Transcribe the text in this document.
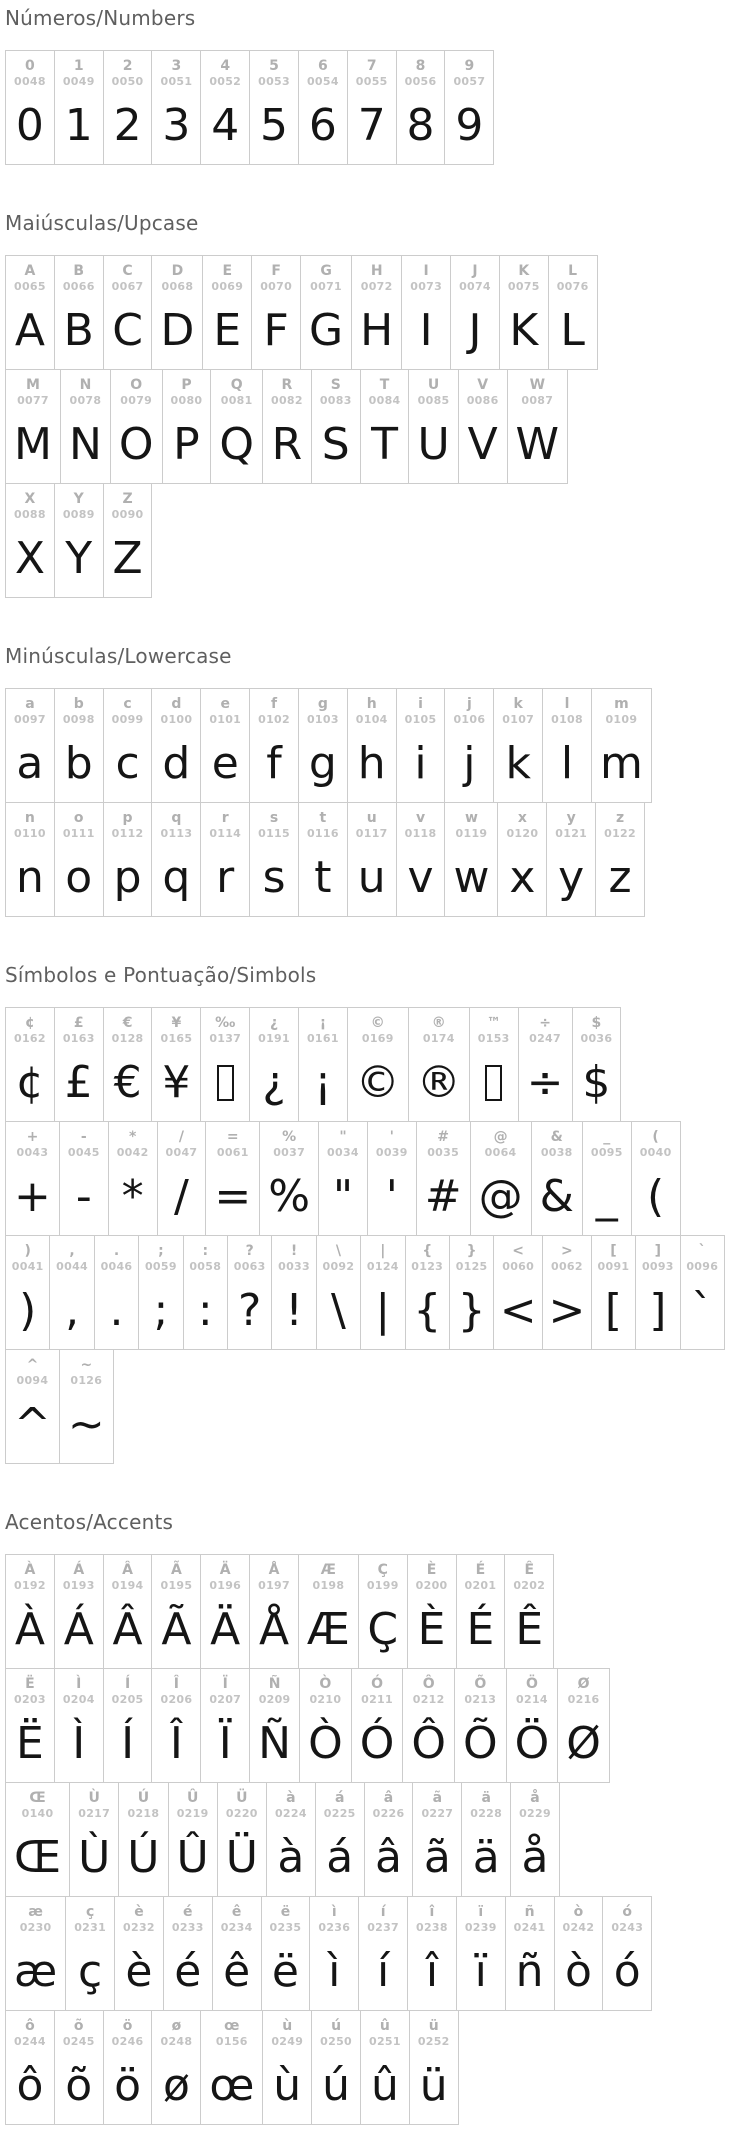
Números/Numbers
0
0048
0
1
0049
1
2
0050
2
3
0051
3
4
0052
4
5
0053
5
6
0054
6
7
0055
7
8
0056
8
9
0057
9
Maiúsculas/Upcase
A
0065
A
B
0066
B
C
0067
C
D
0068
D
E
0069
E
F
0070
F
G
0071
G
H
0072
H
I
0073
I
J
0074
J
K
0075
K
L
0076
L
M
0077
M
N
0078
N
O
0079
O
P
0080
P
Q
0081
Q
R
0082
R
S
0083
S
T
0084
T
U
0085
U
V
0086
V
W
0087
W
X
0088
X
Y
0089
Y
Z
0090
Z
Minúsculas/Lowercase
a
0097
a
b
0098
b
c
0099
c
d
0100
d
e
0101
e
f
0102
f
g
0103
g
h
0104
h
i
0105
i
j
0106
j
k
0107
k
l
0108
l
m
0109
m
n
0110
n
o
0111
o
p
0112
p
q
0113
q
r
0114
r
s
0115
s
t
0116
t
u
0117
u
v
0118
v
w
0119
w
x
0120
x
y
0121
y
z
0122
z
Símbolos e Pontuação/Simbols
¢
0162
¢
£
0163
£
€
0128
€
¥
0165
¥
‰
0137
¿
0191
¿
¡
0161
¡
©
0169
©
®
0174
®
™
0153
÷
0247
÷
$
0036
$
+
0043
+
-
0045
-
*
0042
*
/
0047
/
=
0061
=
%
0037
%
"
0034
"
'
0039
'
#
0035
#
@
0064
@
&
0038
&
_
0095
_
(
0040
(
)
0041
)
,
0044
,
.
0046
.
;
0059
;
:
0058
:
?
0063
?
!
0033
!
\
0092
\
|
0124
|
{
0123
{
}
0125
}
<
0060
<
>
0062
>
[
0091
[
]
0093
]
`
0096
`
^
0094
^
~
0126
~
Acentos/Accents
À
0192
À
Á
0193
Á
Â
0194
Â
Ã
0195
Ã
Ä
0196
Ä
Å
0197
Å
Æ
0198
Æ
Ç
0199
Ç
È
0200
È
É
0201
É
Ê
0202
Ê
Ë
0203
Ë
Ì
0204
Ì
Í
0205
Í
Î
0206
Î
Ï
0207
Ï
Ñ
0209
Ñ
Ò
0210
Ò
Ó
0211
Ó
Ô
0212
Ô
Õ
0213
Õ
Ö
0214
Ö
Ø
0216
Ø
Œ
0140
Œ
Ù
0217
Ù
Ú
0218
Ú
Û
0219
Û
Ü
0220
Ü
à
0224
à
á
0225
á
â
0226
â
ã
0227
ã
ä
0228
ä
å
0229
å
æ
0230
æ
ç
0231
ç
è
0232
è
é
0233
é
ê
0234
ê
ë
0235
ë
ì
0236
ì
í
0237
í
î
0238
î
ï
0239
ï
ñ
0241
ñ
ò
0242
ò
ó
0243
ó
ô
0244
ô
õ
0245
õ
ö
0246
ö
ø
0248
ø
œ
0156
œ
ù
0249
ù
ú
0250
ú
û
0251
û
ü
0252
ü
